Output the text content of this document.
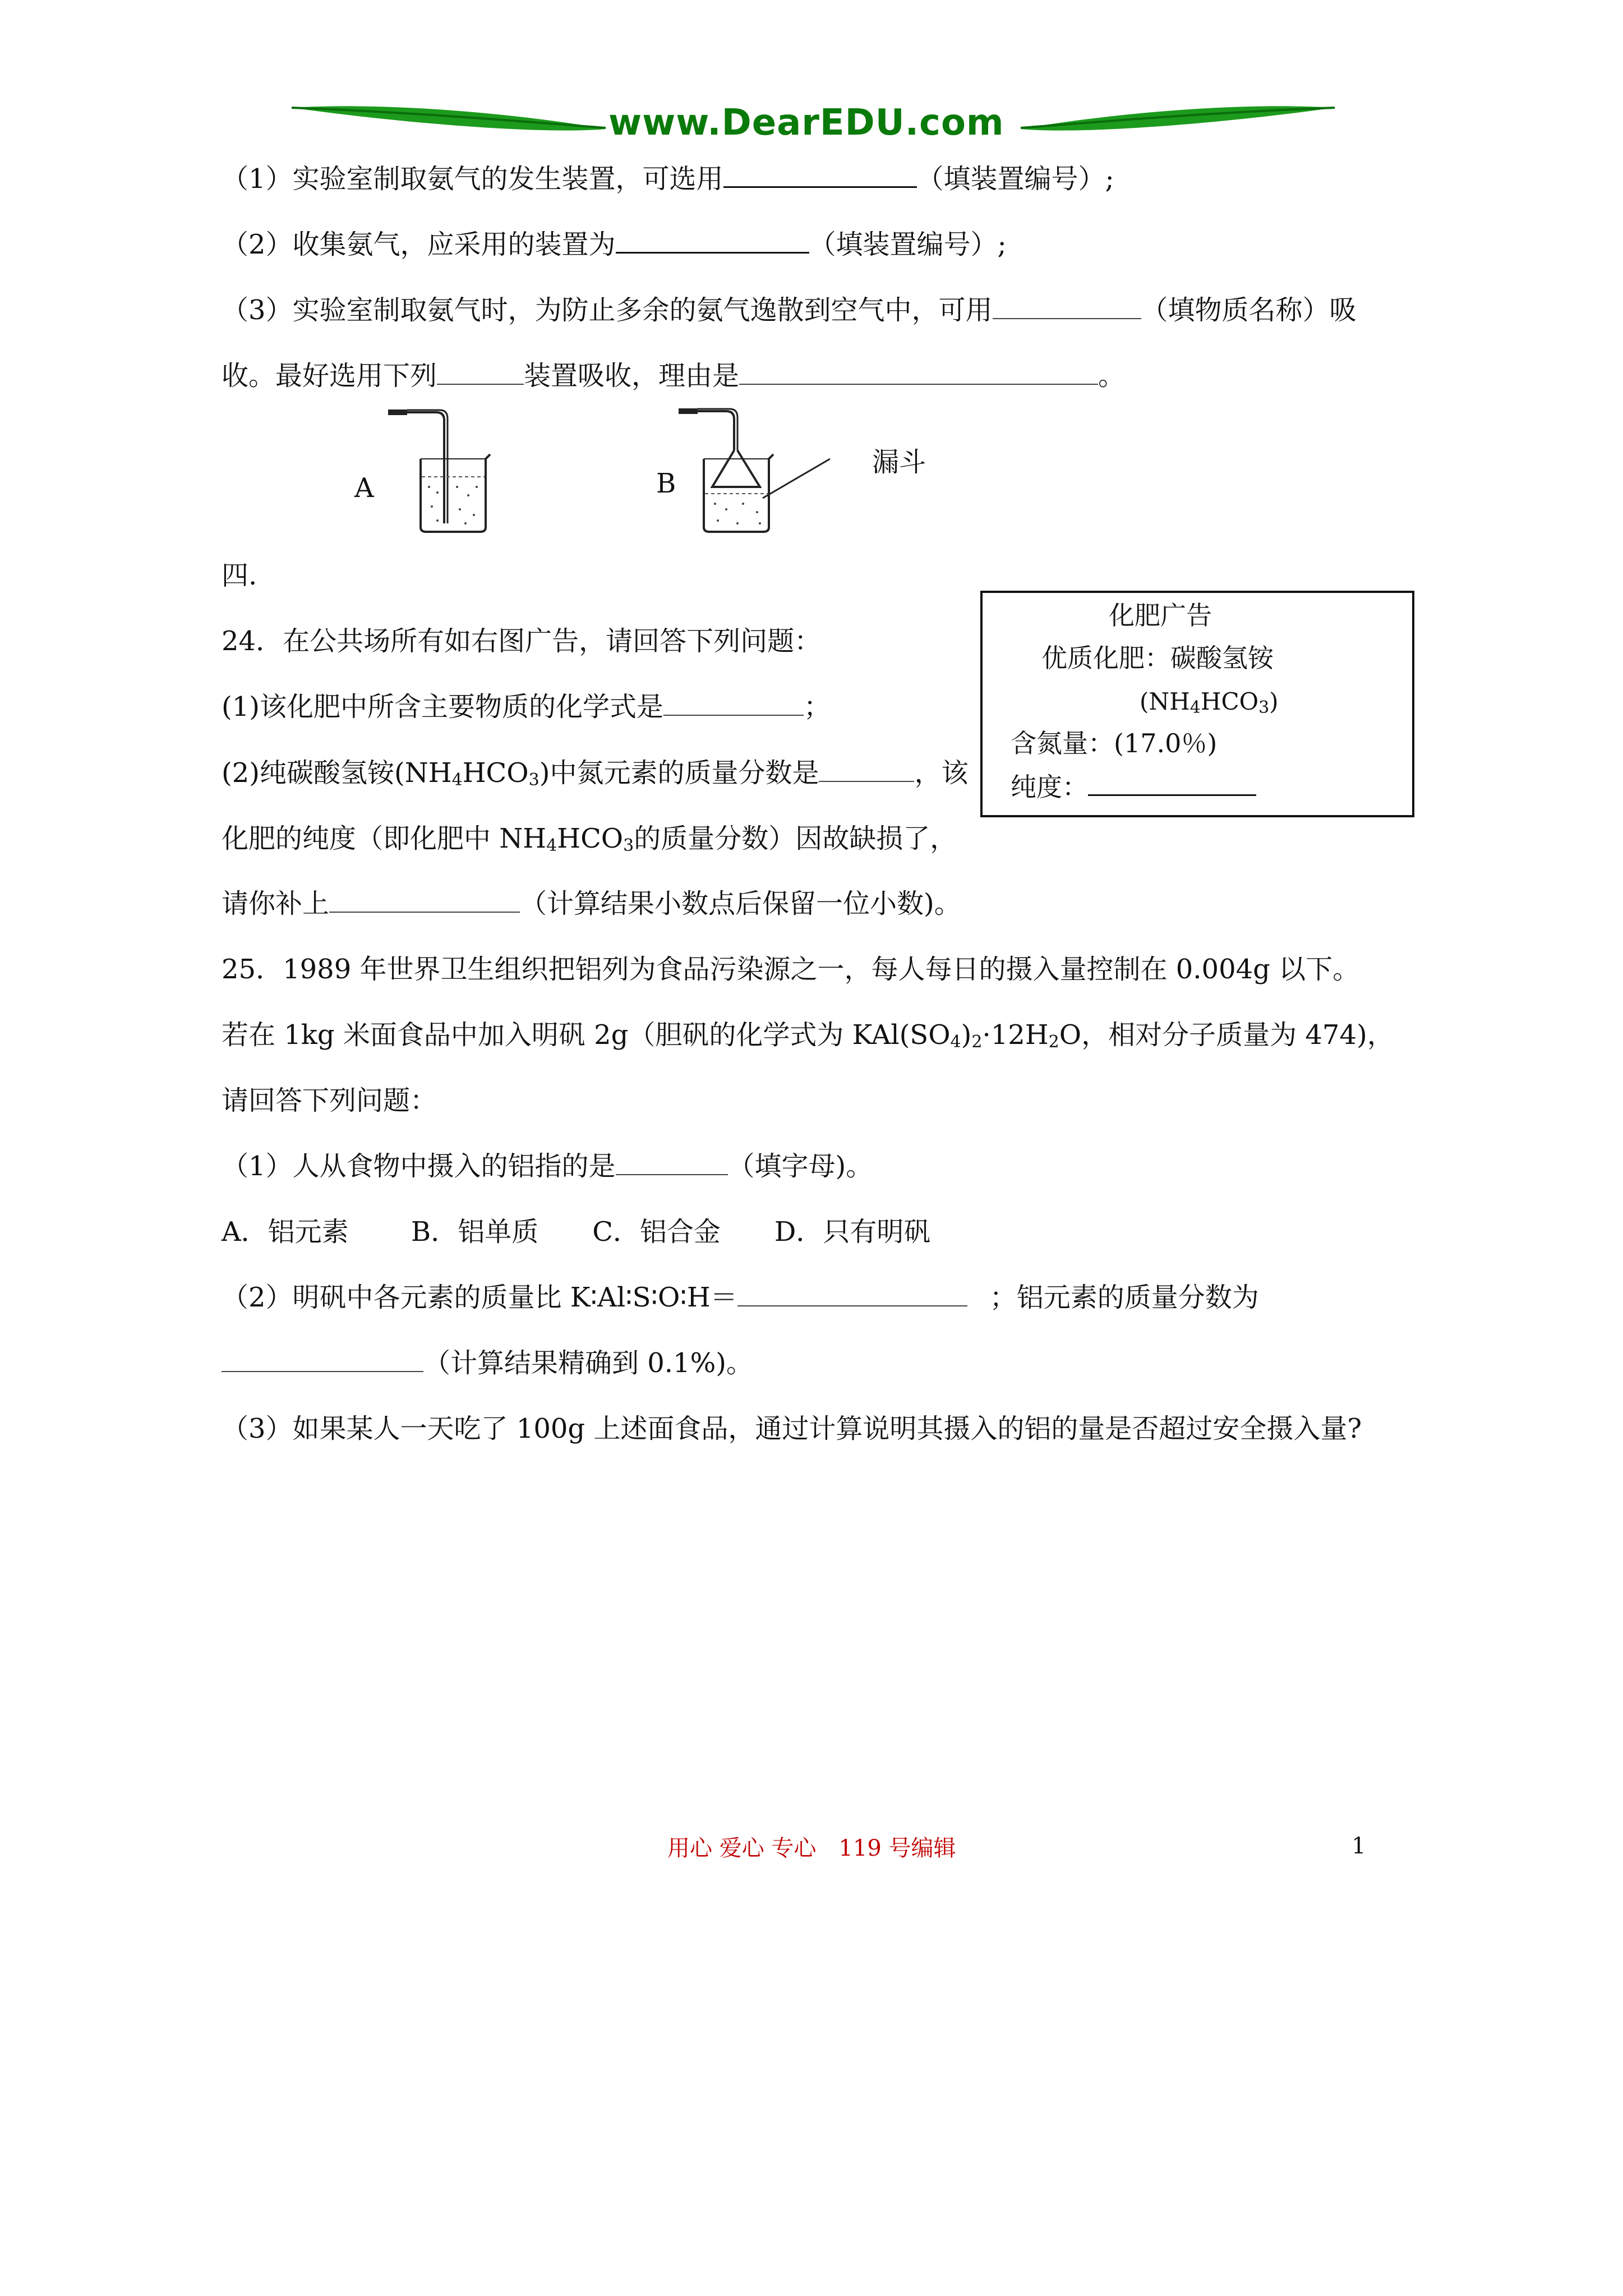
www.DearEDU.com
（1）实验室制取氨气的发生装置，可选用	（填装置编号）;
（2）收集氨气，应采用的装置为	（填装置编号）;
（3）实验室制取氨气时，为防止多余的氨气逸散到空气中，可用	（填物质名称）吸
收。最好选用下列	装置吸收，理由是	。
A	B
漏斗
四.
24．在公共场所有如右图广告，请回答下列问题：
(1)该化肥中所含主要物质的化学式是	；
(2)纯碳酸氢铵$(NH_4HCO_3)$中氮元素的质量分数是	，该
化肥的纯度（即化肥中 $NH_4HCO_3$的质量分数）因故缺损了，
请你补上	（计算结果小数点后保留一位小数)。
化肥广告
优质化肥：碳酸氢铵
$(NH_4HCO_3)$
含氮量：(17.0％)
纯度：
25．1989 年世界卫生组织把铝列为食品污染源之一，每人每日的摄入量控制在 0.004g 以下。
若在 1kg 米面食品中加入明矾 2g（胆矾的化学式为 $KAl(SO_4)_2\cdot 12H_2O$，相对分子质量为 474)，
请回答下列问题：
（1）人从食物中摄入的铝指的是	（填字母)。
A．铝元素　　 B．铝单质　　C．铝合金　　D．只有明矾
（2）明矾中各元素的质量比 K∶Al∶S∶O∶H＝	；铝元素的质量分数为
（计算结果精确到 0.1%)。
（3）如果某人一天吃了 100g 上述面食品，通过计算说明其摄入的铝的量是否超过安全摄入量?
用心 爱心 专心　119 号编辑	1
